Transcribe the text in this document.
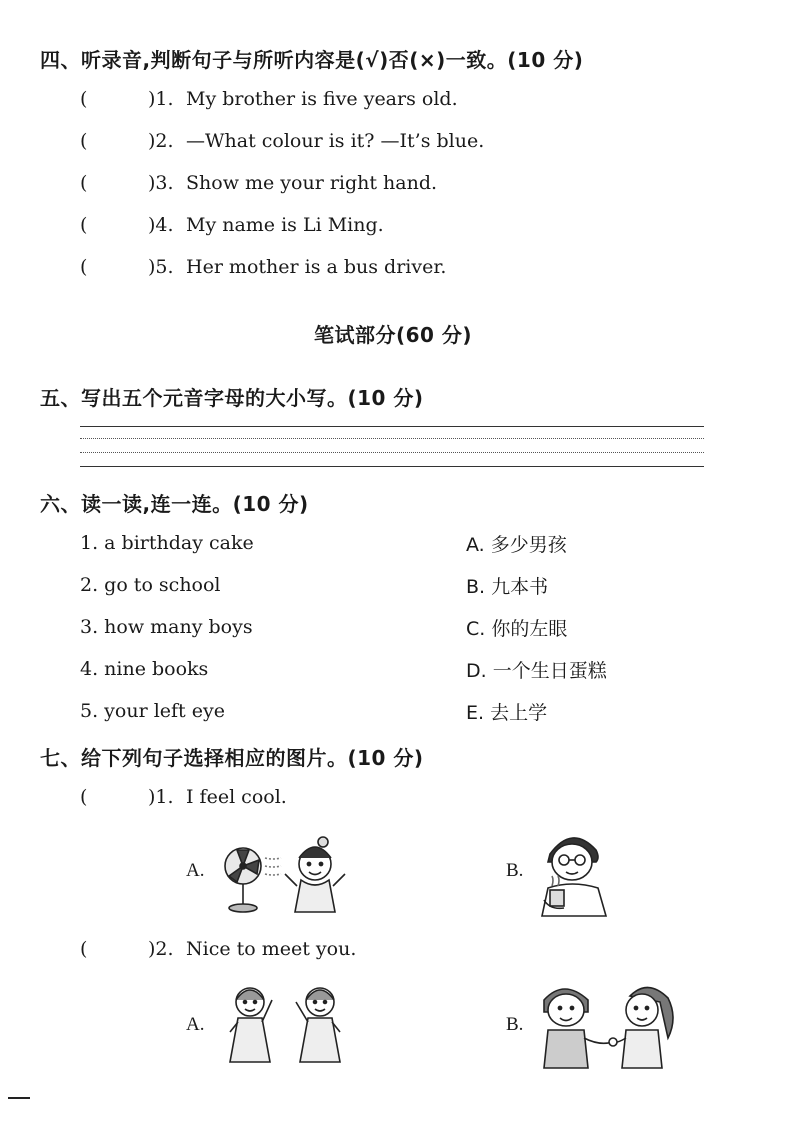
四、听录音,判断句子与所听内容是(√)否(×)一致。(10 分)
(	)1. My brother is five years old.
(	)2. —What colour is it? —It’s blue.
(	)3. Show me your right hand.
(	)4. My name is Li Ming.
(	)5. Her mother is a bus driver.
笔试部分(60 分)
五、写出五个元音字母的大小写。(10 分)
六、读一读,连一连。(10 分)
1. a birthday cake
2. go to school
3. how many boys
4. nine books
5. your left eye
A. 多少男孩
B. 九本书
C. 你的左眼
D. 一个生日蛋糕
E. 去上学
七、给下列句子选择相应的图片。(10 分)
(	)1. I feel cool.
A.	B.
(	)2. Nice to meet you.
A.	B.
